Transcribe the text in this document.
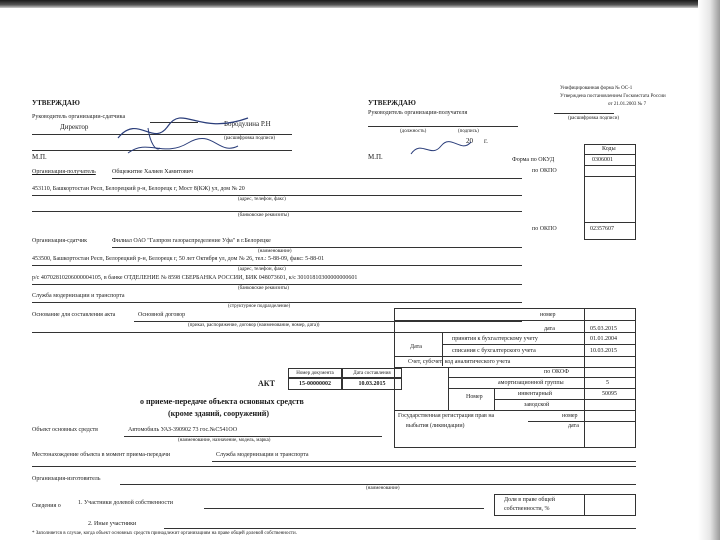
УТВЕРЖДАЮ
Руководитель организации-сдатчика
Директор	Бородулина Р.Н
(расшифровка подписи)
М.П.
УТВЕРЖДАЮ
Руководитель организации-получателя
(должность)	(подпись)
20 г.
М.П.
Унифицированная форма № ОС-1
Утверждена постановлением Госкомстата России
от 21.01.2003 № 7
(расшифровка подписи)
Коды
Форма по ОКУД	0306001
по ОКПО
по ОКПО	02357607
Организация-получатель	Общежитие Халиев Хамитович
453110, Башкортостан Респ, Белорецкий р-н, Белорецк г, Мост 8(КЖ) ул, дом № 20
(адрес, телефон, факс)
(банковские реквизиты)
Организация-сдатчик	Филиал ОАО "Газпром газораспределение Уфа" в г.Белорецке
(наименование)
453500, Башкортостан Респ, Белорецкий р-н, Белорецк г, 50 лет Октября ул, дом № 26, тел.: 5-88-09, факс: 5-88-01
(адрес, телефон, факс)
р/с 40702810206000004105, в банке ОТДЕЛЕНИЕ № 8598 СБЕРБАНКА РОССИИ, БИК 048073601, к/с 30101810300000000601
(банковские реквизиты)
Служба модернизации и транспорта
(структурное подразделение)
Основание для составления акта	Основной договор
(приказ, распоряжение, договор (наименование, номер, дата))
номер
дата	05.03.2015
Дата
принятия к бухгалтерскому учету	01.01.2004
списания с бухгалтерского учета	10.03.2015
Счет, субсчет, код аналитического учета
по ОКОФ
амортизационной группы	5
Номер	инвентарный	50095
заводской
Государственная регистрация прав на	номер
выбытия (ликвидации)	дата
АКТ
Номер документа	Дата составления
15-00000002	10.03.2015
о приеме-передаче объекта основных средств
(кроме зданий, сооружений)
Объект основных средств	Автомобиль УАЗ-390902 73 гос.№С541ОО
(наименование, назначение, модель, марка)
Местонахождение объекта в момент приема-передачи	Служба модернизации и транспорта
Организация-изготовитель
(наименование)
Сведения о	1. Участники долевой собственности	Доля в праве общей
собственности, %
2. Иные участники
* Заполняется в случае, когда объект основных средств принадлежит организациям на праве общей долевой собственности.
